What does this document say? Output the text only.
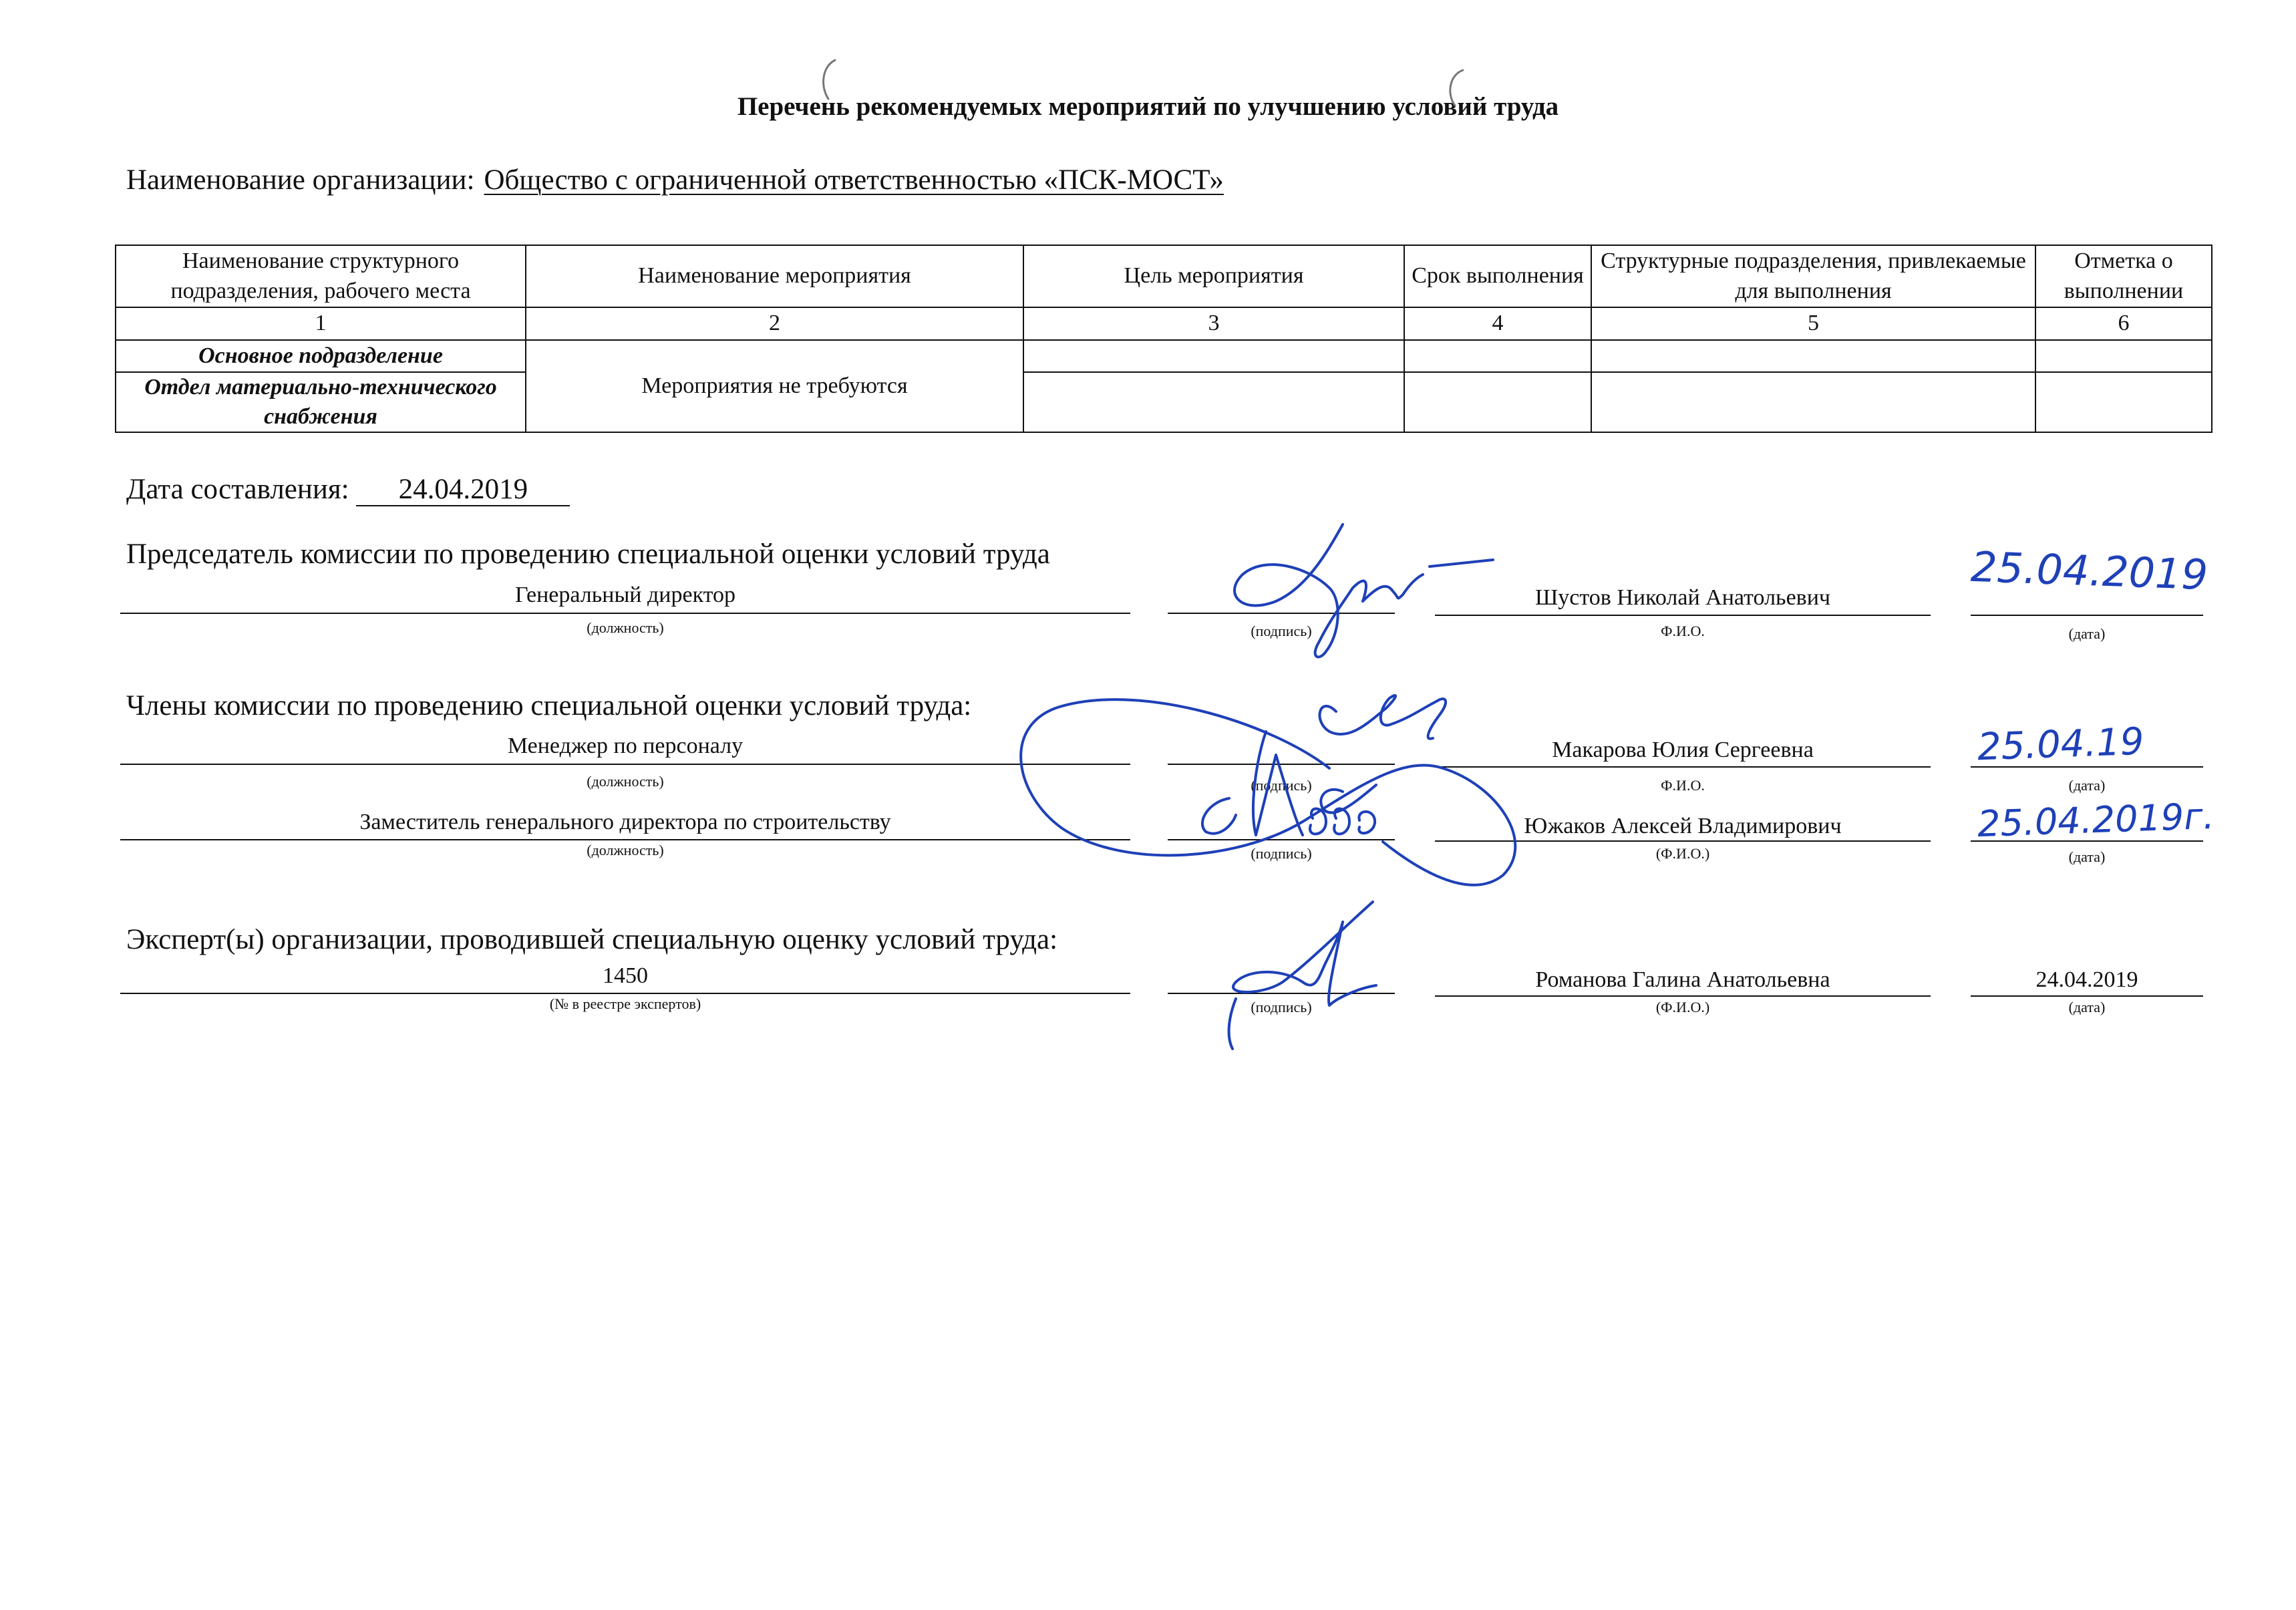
Перечень рекомендуемых мероприятий по улучшению условий труда
Наименование организации: Общество с ограниченной ответственностью «ПСК-МОСТ»
Наименование структурного подразделения, рабочего места	Наименование мероприятия	Цель мероприятия	Срок выполнения	Структурные подразделения, привлекаемые для выполнения	Отметка о выполнении
1	2	3	4	5	6
Основное подразделение	Мероприятия не требуются				
Отдел материально-технического снабжения					
Дата составления: 24.04.2019
Председатель комиссии по проведению специальной оценки условий труда
Генеральный директор
(должность)	(подпись)
Шустов Николай Анатольевич
Ф.И.О.
25.04.2019
(дата)
Члены комиссии по проведению специальной оценки условий труда:
Менеджер по персоналу
(должность)	(подпись)
Макарова Юлия Сергеевна
Ф.И.О.
25.04.19
(дата)
Заместитель генерального директора по строительству
(должность)	(подпись)
Южаков Алексей Владимирович
(Ф.И.О.)
25.04.2019г.
(дата)
Эксперт(ы) организации, проводившей специальную оценку условий труда:
1450
(№ в реестре экспертов)	(подпись)
Романова Галина Анатольевна
(Ф.И.О.)
24.04.2019
(дата)
